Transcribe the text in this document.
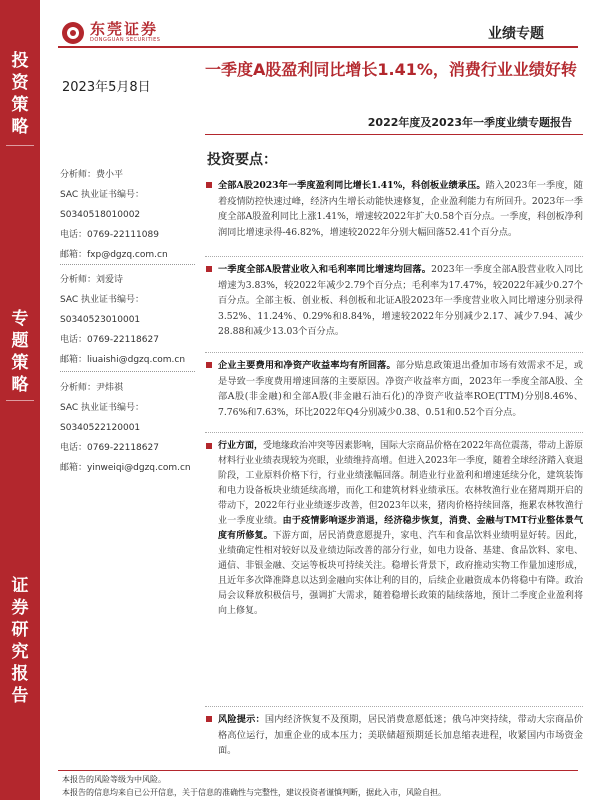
投资策略
专题策略
证券研究报告
东莞证券
DONGGUAN SECURITIES	业绩专题
2023年5月8日
一季度A股盈利同比增长1.41%，消费行业业绩好转
2022年度及2023年一季度业绩专题报告
分析师：费小平
SAC 执业证书编号：
S0340518010002
电话：0769-22111089
邮箱：fxp@dgzq.com.cn
分析师：刘爱诗
SAC 执业证书编号：
S0340523010001
电话：0769-22118627
邮箱：liuaishi@dgzq.com.cn
分析师：尹炜祺
SAC 执业证书编号：
S0340522120001
电话：0769-22118627
邮箱：yinweiqi@dgzq.com.cn
投资要点：
全部A股2023年一季度盈利同比增长1.41%，科创板业绩承压。踏入2023年一季度，随着疫情防控快速过峰，经济内生增长动能快速修复，企业盈利能力有所回升。2023年一季度全部A股盈利同比上涨1.41%，增速较2022年扩大0.58个百分点。一季度，科创板净利润同比增速录得-46.82%，增速较2022年分别大幅回落52.41个百分点。
一季度全部A股营业收入和毛利率同比增速均回落。2023年一季度全部A股营业收入同比增速为3.83%，较2022年减少2.79个百分点；毛利率为17.47%，较2022年减少0.27个百分点。全部主板、创业板、科创板和北证A股2023年一季度营业收入同比增速分别录得3.52%、11.24%、0.29%和8.84%，增速较2022年分别减少2.17、减少7.94、减少28.88和减少13.03个百分点。
企业主要费用和净资产收益率均有所回落。部分贴息政策退出叠加市场有效需求不足，或是导致一季度费用增速回落的主要原因。净资产收益率方面，2023年一季度全部A股、全部A股(非金融)和全部A股(非金融石油石化)的净资产收益率ROE(TTM)分别8.46%、7.76%和7.63%，环比2022年Q4分别减少0.38、0.51和0.52个百分点。
行业方面，受地缘政治冲突等因素影响，国际大宗商品价格在2022年高位震荡，带动上游原材料行业业绩表现较为亮眼，业绩维持高增。但进入2023年一季度，随着全球经济踏入衰退阶段，工业原料价格下行，行业业绩涨幅回落。制造业行业盈利和增速延续分化，建筑装饰和电力设备板块业绩延续高增，而化工和建筑材料业绩承压。农林牧渔行业在猪周期开启的带动下，2022年行业业绩逐步改善，但2023年以来，猪肉价格持续回落，拖累农林牧渔行业一季度业绩。由于疫情影响逐步消退，经济稳步恢复，消费、金融与TMT行业整体景气度有所修复。下游方面，居民消费意愿提升，家电、汽车和食品饮料业绩明显好转。因此，业绩确定性相对较好以及业绩边际改善的部分行业，如电力设备、基建、食品饮料、家电、通信、非银金融、交运等板块可持续关注。稳增长背景下，政府推动实物工作量加速形成，且近年多次降准降息以达到金融向实体让利的目的，后续企业融资成本仍将稳中有降。政治局会议释放积极信号，强调扩大需求，随着稳增长政策的陆续落地，预计二季度企业盈利将向上修复。
风险提示：国内经济恢复不及预期，居民消费意愿低迷；俄乌冲突持续，带动大宗商品价格高位运行，加重企业的成本压力；美联储超预期延长加息缩表进程，收紧国内市场资金面。
本报告的风险等级为中风险。
本报告的信息均来自已公开信息，关于信息的准确性与完整性，建议投资者谨慎判断，据此入市，风险自担。
